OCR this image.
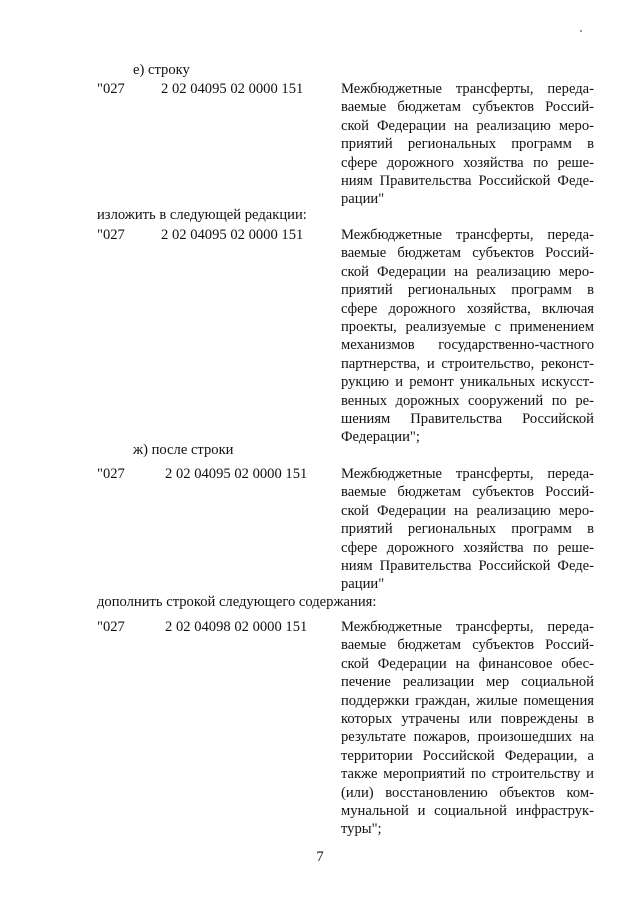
е) строку
"027 2 02 04095 02 0000 151	Межбюджетные трансферты, переда-
ваемые бюджетам субъектов Россий-
ской Федерации на реализацию меро-
приятий региональных программ в
сфере дорожного хозяйства по реше-
ниям Правительства Российской Феде-
рации"
изложить в следующей редакции:
"027 2 02 04095 02 0000 151	Межбюджетные трансферты, переда-
ваемые бюджетам субъектов Россий-
ской Федерации на реализацию меро-
приятий региональных программ в
сфере дорожного хозяйства, включая
проекты, реализуемые с применением
механизмов государственно-частного
партнерства, и строительство, реконст-
рукцию и ремонт уникальных искусст-
венных дорожных сооружений по ре-
шениям Правительства Российской
Федерации";
ж) после строки
"027	2 02 04095 02 0000 151 Межбюджетные трансферты, переда-
ваемые бюджетам субъектов Россий-
ской Федерации на реализацию меро-
приятий региональных программ в
сфере дорожного хозяйства по реше-
ниям Правительства Российской Феде-
рации"
дополнить строкой следующего содержания:
"027	2 02 04098 02 0000 151 Межбюджетные трансферты, переда-
ваемые бюджетам субъектов Россий-
ской Федерации на финансовое обес-
печение реализации мер социальной
поддержки граждан, жилые помещения
которых утрачены или повреждены в
результате пожаров, произошедших на
территории Российской Федерации, а
также мероприятий по строительству и
(или) восстановлению объектов ком-
мунальной и социальной инфраструк-
туры";
7
